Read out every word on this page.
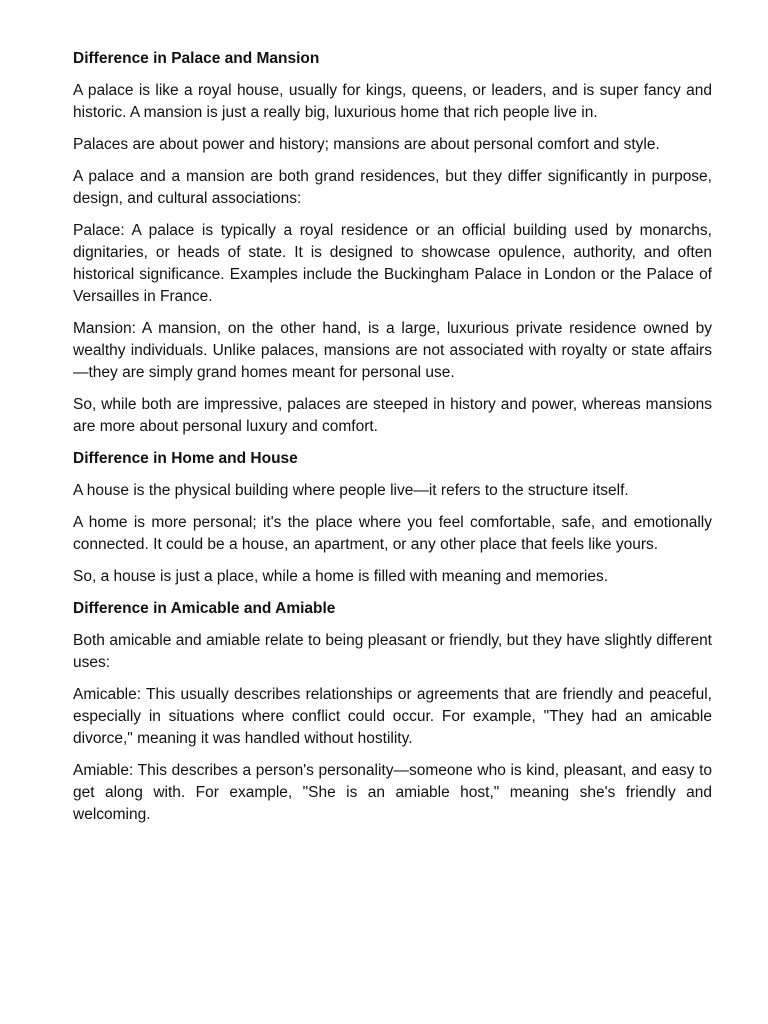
Difference in Palace and Mansion

A palace is like a royal house, usually for kings, queens, or leaders, and is super fancy and historic. A mansion is just a really big, luxurious home that rich people live in.

Palaces are about power and history; mansions are about personal comfort and style.

A palace and a mansion are both grand residences, but they differ significantly in purpose, design, and cultural associations:

Palace: A palace is typically a royal residence or an official building used by monarchs, dignitaries, or heads of state. It is designed to showcase opulence, authority, and often historical significance. Examples include the Buckingham Palace in London or the Palace of Versailles in France.

Mansion: A mansion, on the other hand, is a large, luxurious private residence owned by wealthy individuals. Unlike palaces, mansions are not associated with royalty or state affairs—they are simply grand homes meant for personal use.

So, while both are impressive, palaces are steeped in history and power, whereas mansions are more about personal luxury and comfort.

Difference in Home and House

A house is the physical building where people live—it refers to the structure itself.

A home is more personal; it's the place where you feel comfortable, safe, and emotionally connected. It could be a house, an apartment, or any other place that feels like yours.

So, a house is just a place, while a home is filled with meaning and memories.

Difference in Amicable and Amiable

Both amicable and amiable relate to being pleasant or friendly, but they have slightly different uses:

Amicable: This usually describes relationships or agreements that are friendly and peaceful, especially in situations where conflict could occur. For example, "They had an amicable divorce," meaning it was handled without hostility.

Amiable: This describes a person's personality—someone who is kind, pleasant, and easy to get along with. For example, "She is an amiable host," meaning she's friendly and welcoming.
